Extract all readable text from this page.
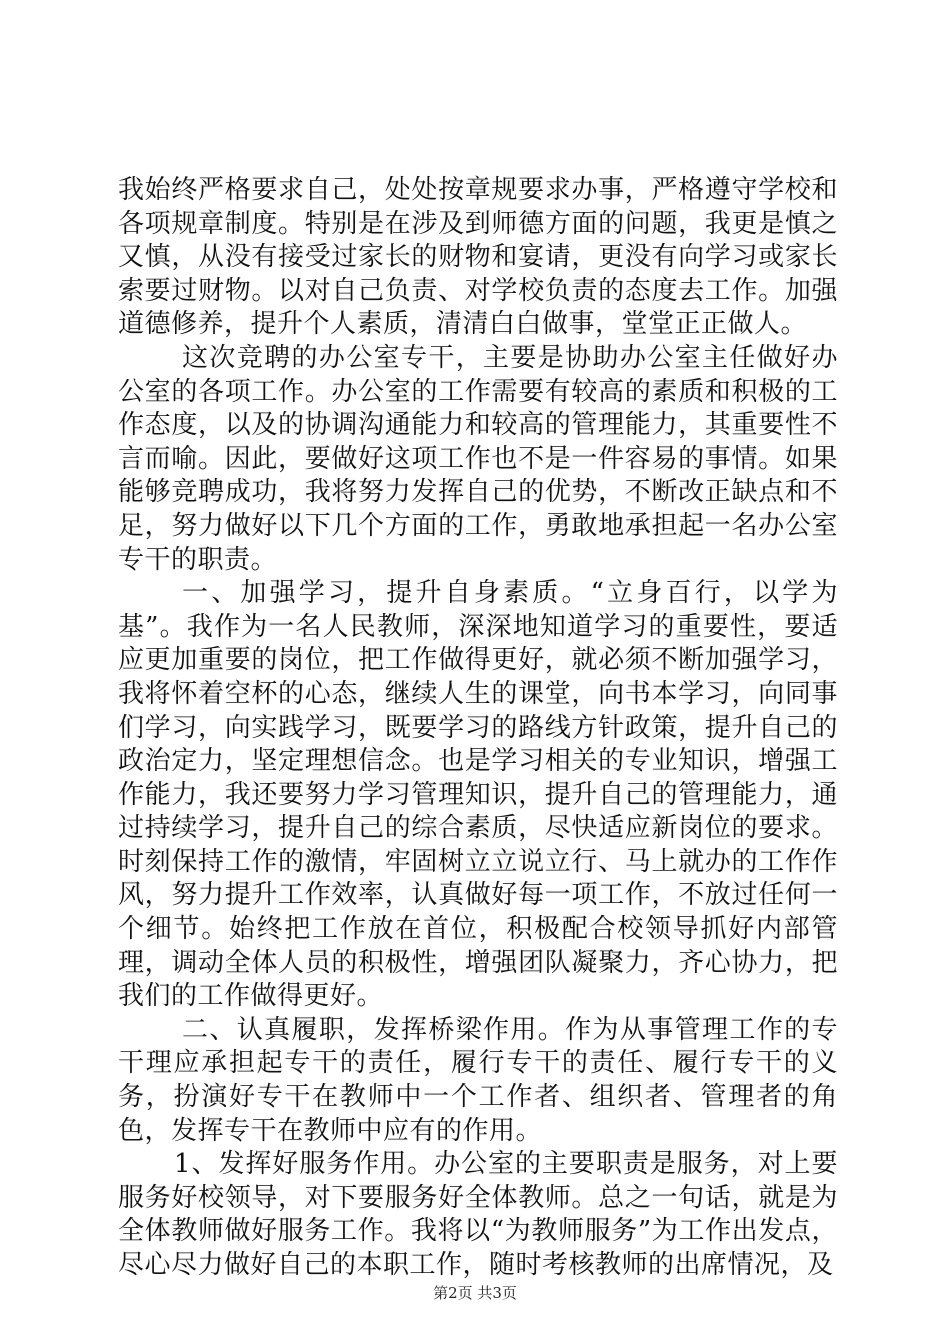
我始终严格要求自己，处处按章规要求办事，严格遵守学校和各项规章制度。特别是在涉及到师德方面的问题，我更是慎之又慎，从没有接受过家长的财物和宴请，更没有向学习或家长索要过财物。以对自己负责、对学校负责的态度去工作。加强道德修养，提升个人素质，清清白白做事，堂堂正正做人。

这次竞聘的办公室专干，主要是协助办公室主任做好办公室的各项工作。办公室的工作需要有较高的素质和积极的工作态度，以及的协调沟通能力和较高的管理能力，其重要性不言而喻。因此，要做好这项工作也不是一件容易的事情。如果能够竞聘成功，我将努力发挥自己的优势，不断改正缺点和不足，努力做好以下几个方面的工作，勇敢地承担起一名办公室专干的职责。

一、加强学习，提升自身素质。“立身百行，以学为基”。我作为一名人民教师，深深地知道学习的重要性，要适应更加重要的岗位，把工作做得更好，就必须不断加强学习，我将怀着空杯的心态，继续人生的课堂，向书本学习，向同事们学习，向实践学习，既要学习的路线方针政策，提升自己的政治定力，坚定理想信念。也是学习相关的专业知识，增强工作能力，我还要努力学习管理知识，提升自己的管理能力，通过持续学习，提升自己的综合素质，尽快适应新岗位的要求。时刻保持工作的激情，牢固树立立说立行、马上就办的工作作风，努力提升工作效率，认真做好每一项工作，不放过任何一个细节。始终把工作放在首位，积极配合校领导抓好内部管理，调动全体人员的积极性，增强团队凝聚力，齐心协力，把我们的工作做得更好。

二、认真履职，发挥桥梁作用。作为从事管理工作的专干理应承担起专干的责任，履行专干的责任、履行专干的义务，扮演好专干在教师中一个工作者、组织者、管理者的角色，发挥专干在教师中应有的作用。

1、发挥好服务作用。办公室的主要职责是服务，对上要服务好校领导，对下要服务好全体教师。总之一句话，就是为全体教师做好服务工作。我将以“为教师服务”为工作出发点，尽心尽力做好自己的本职工作，随时考核教师的出席情况，及

第2页 共3页
